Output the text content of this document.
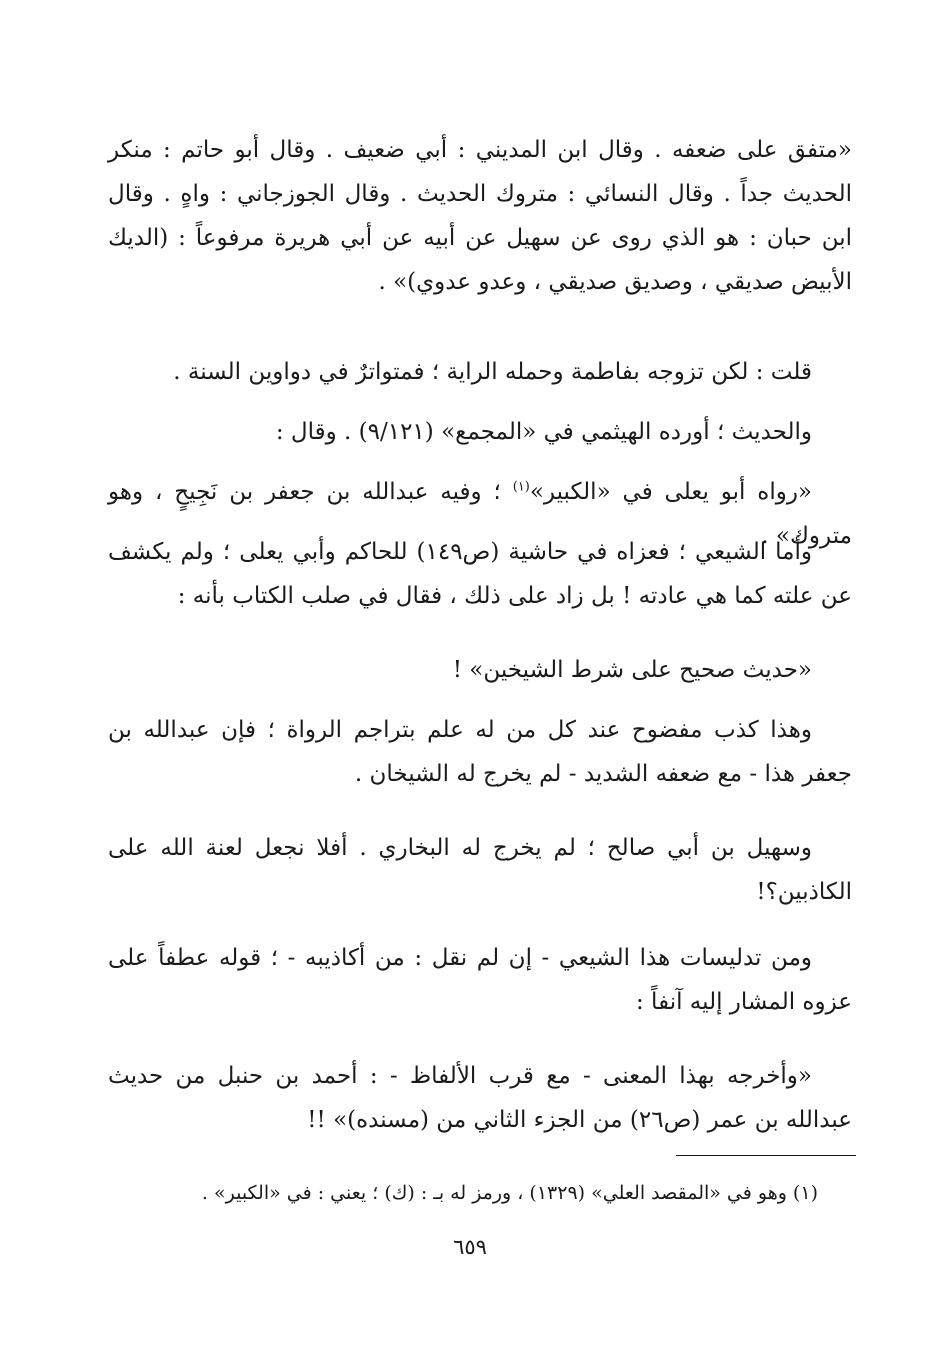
«متفق على ضعفه . وقال ابن المديني : أبي ضعيف . وقال أبو حاتم : منكر الحديث جداً . وقال النسائي : متروك الحديث . وقال الجوزجاني : واهٍ . وقال ابن حبان : هو الذي روى عن سهيل عن أبيه عن أبي هريرة مرفوعاً : (الديك الأبيض صديقي ، وصديق صديقي ، وعدو عدوي)» .

قلت : لكن تزوجه بفاطمة وحمله الراية ؛ فمتواترٌ في دواوين السنة .

والحديث ؛ أورده الهيثمي في «المجمع» (٩/١٢١) . وقال :

«رواه أبو يعلى في «الكبير»$^{(١)}$ ؛ وفيه عبدالله بن جعفر بن نَجِيحٍ ، وهو متروك» .

وأما الشيعي ؛ فعزاه في حاشية (ص١٤٩) للحاكم وأبي يعلى ؛ ولم يكشف عن علته كما هي عادته ! بل زاد على ذلك ، فقال في صلب الكتاب بأنه :

«حديث صحيح على شرط الشيخين» !

وهذا كذب مفضوح عند كل من له علم بتراجم الرواة ؛ فإن عبدالله بن جعفر هذا - مع ضعفه الشديد - لم يخرج له الشيخان .

وسهيل بن أبي صالح ؛ لم يخرج له البخاري . أفلا نجعل لعنة الله على الكاذبين؟!

ومن تدليسات هذا الشيعي - إن لم نقل : من أكاذيبه - ؛ قوله عطفاً على عزوه المشار إليه آنفاً :

«وأخرجه بهذا المعنى - مع قرب الألفاظ - : أحمد بن حنبل من حديث عبدالله بن عمر (ص٢٦) من الجزء الثاني من (مسنده)» !!

(١) وهو في «المقصد العلي» (١٣٢٩) ، ورمز له بـ : (ك) ؛ يعني : في «الكبير» .
٦٥٩
